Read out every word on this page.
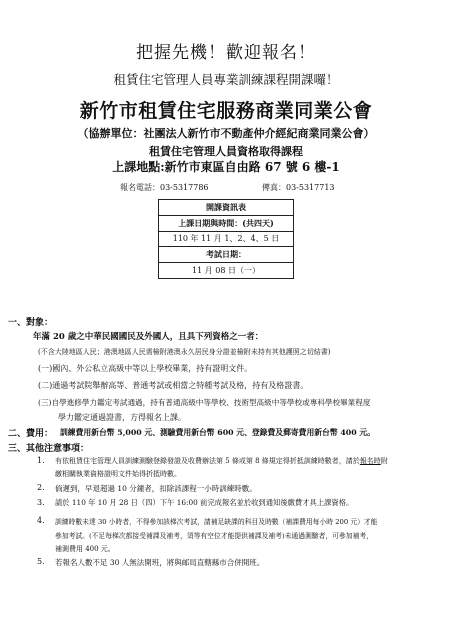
把握先機！歡迎報名！
租賃住宅管理人員專業訓練課程開課囉！
新竹市租賃住宅服務商業同業公會
（協辦單位：社團法人新竹市不動產仲介經紀商業同業公會）
租賃住宅管理人員資格取得課程
上課地點:新竹市東區自由路 67 號 6 樓-1
報名電話：03-5317786	傳真：03-5317713
開課資訊表
上課日期與時間：(共四天)
110 年 11 月 1、2、4、5 日
考試日期：
11 月 08 日（一）
一、對象：
年滿 20 歲之中華民國國民及外國人，且具下列資格之一者：
(不含大陸地區人民；港澳地區人民需檢附港澳永久居民身分證並檢附未持有其他護照之切結書)
(一)國內、外公私立高級中等以上學校畢業，持有證明文件。
(二)通過考試院舉辦高等、普通考試或相當之特種考試及格，持有及格證書。
(三)自學進修學力鑑定考試通過，持有普通高級中等學校、技術型高級中等學校或專科學校畢業程度
學力鑑定通過證書，方得報名上課。
二、費用： 訓練費用新台幣 5,000 元、測驗費用新台幣 600 元、登錄費及郵寄費用新台幣 400 元。
三、其他注意事項：
1. 有依租賃住宅管理人員訓練測驗登錄發證及收費辦法第 5 條或第 8 條規定得折抵訓練時數者，請於報名時附
繳相關執業資格證明文件始得折抵時數。
2. 倘遲到，早退超過 10 分鐘者，扣除該課程一小時訓練時數。
3. 請於 110 年 10 月 28 日（四）下午 16:00 前完成報名並於收到通知後繳費才具上課資格。
4. 訓練時數未達 30 小時者，不得參加該梯次考試，請補足缺課的科目及時數（補課費用每小時 200 元）才能
參加考試。(不足每梯次都接受補課及補考，須等有空位才能提供補課及補考)未通過測驗者，可參加補考，
補測費用 400 元。
5. 若報名人數不足 30 人無法開班，將與邮局直轄縣市合併開班。
